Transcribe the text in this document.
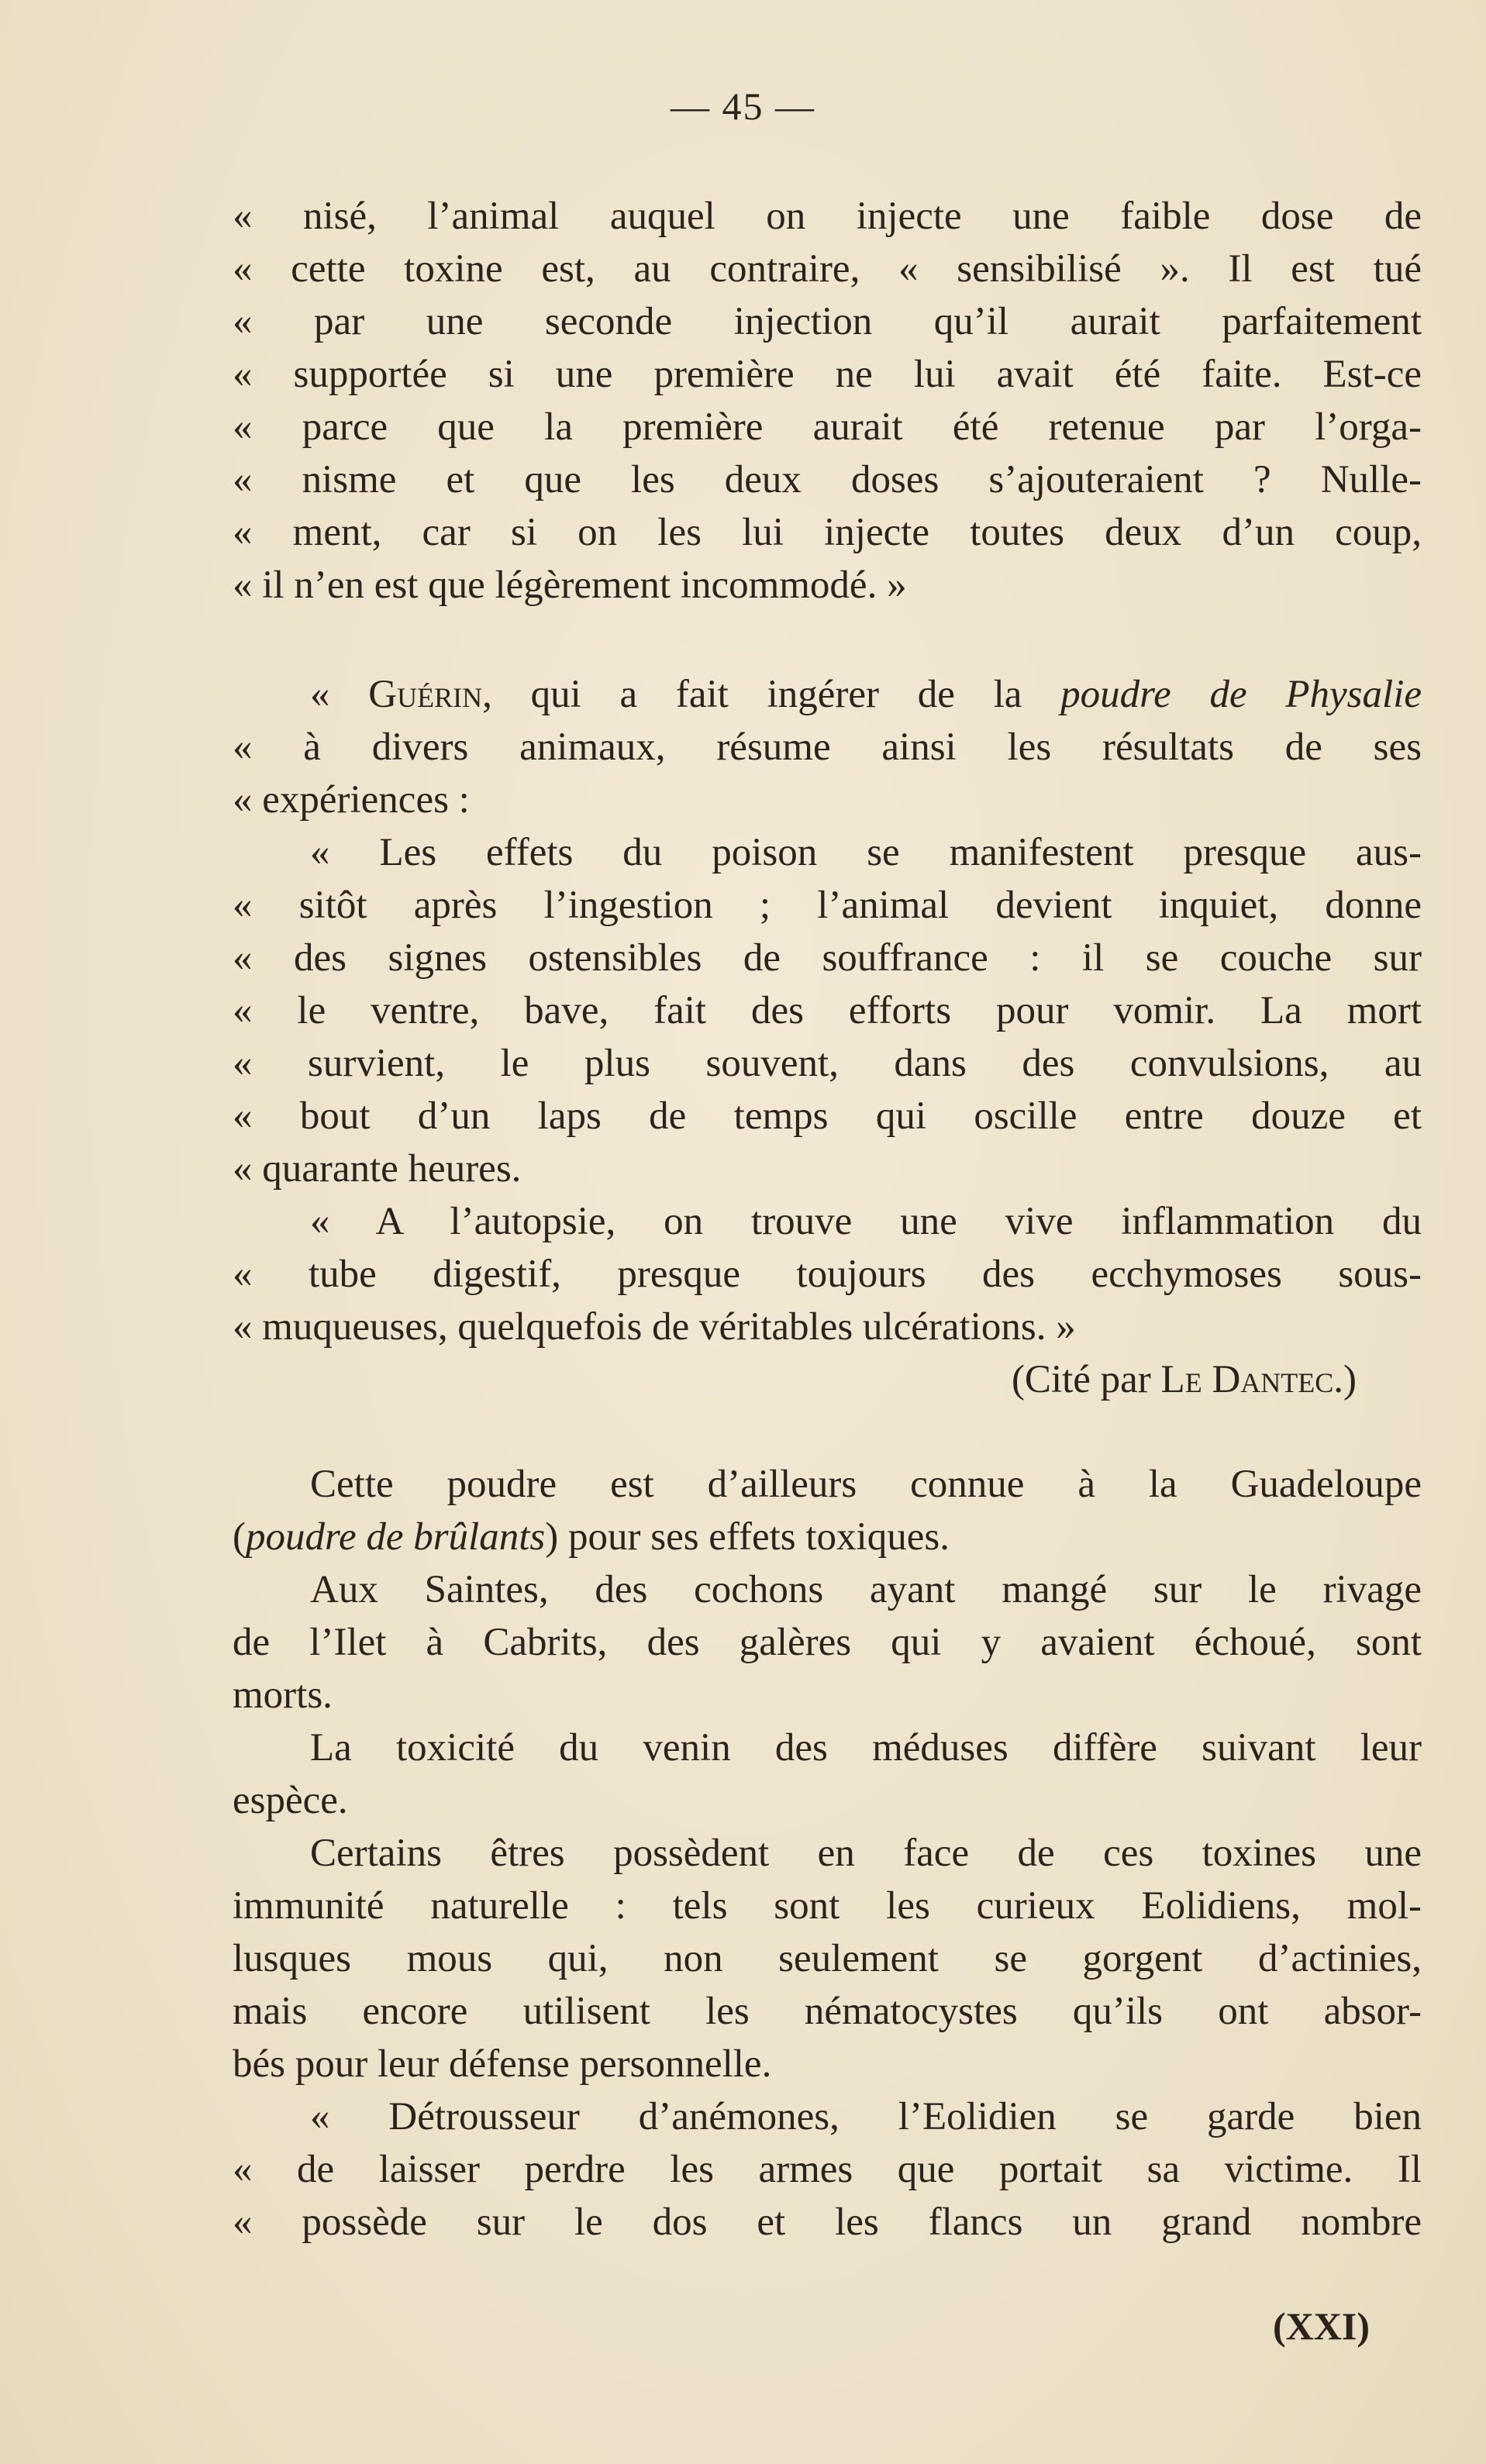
— 45 —
« nisé, l’animal auquel on injecte une faible dose de
« cette toxine est, au contraire, « sensibilisé ». Il est tué
« par une seconde injection qu’il aurait parfaitement
« supportée si une première ne lui avait été faite. Est-ce
« parce que la première aurait été retenue par l’orga-
« nisme et que les deux doses s’ajouteraient ? Nulle-
« ment, car si on les lui injecte toutes deux d’un coup,
« il n’en est que légèrement incommodé. »
« Guérin, qui a fait ingérer de la poudre de Physalie
« à divers animaux, résume ainsi les résultats de ses
« expériences :
« Les effets du poison se manifestent presque aus-
« sitôt après l’ingestion ; l’animal devient inquiet, donne
« des signes ostensibles de souffrance : il se couche sur
« le ventre, bave, fait des efforts pour vomir. La mort
« survient, le plus souvent, dans des convulsions, au
« bout d’un laps de temps qui oscille entre douze et
« quarante heures.
« A l’autopsie, on trouve une vive inflammation du
« tube digestif, presque toujours des ecchymoses sous-
« muqueuses, quelquefois de véritables ulcérations. »
(Cité par Le Dantec.)
Cette poudre est d’ailleurs connue à la Guadeloupe
(poudre de brûlants) pour ses effets toxiques.
Aux Saintes, des cochons ayant mangé sur le rivage
de l’Ilet à Cabrits, des galères qui y avaient échoué, sont
morts.
La toxicité du venin des méduses diffère suivant leur
espèce.
Certains êtres possèdent en face de ces toxines une
immunité naturelle : tels sont les curieux Eolidiens, mol-
lusques mous qui, non seulement se gorgent d’actinies,
mais encore utilisent les nématocystes qu’ils ont absor-
bés pour leur défense personnelle.
« Détrousseur d’anémones, l’Eolidien se garde bien
« de laisser perdre les armes que portait sa victime. Il
« possède sur le dos et les flancs un grand nombre
(XXI)
